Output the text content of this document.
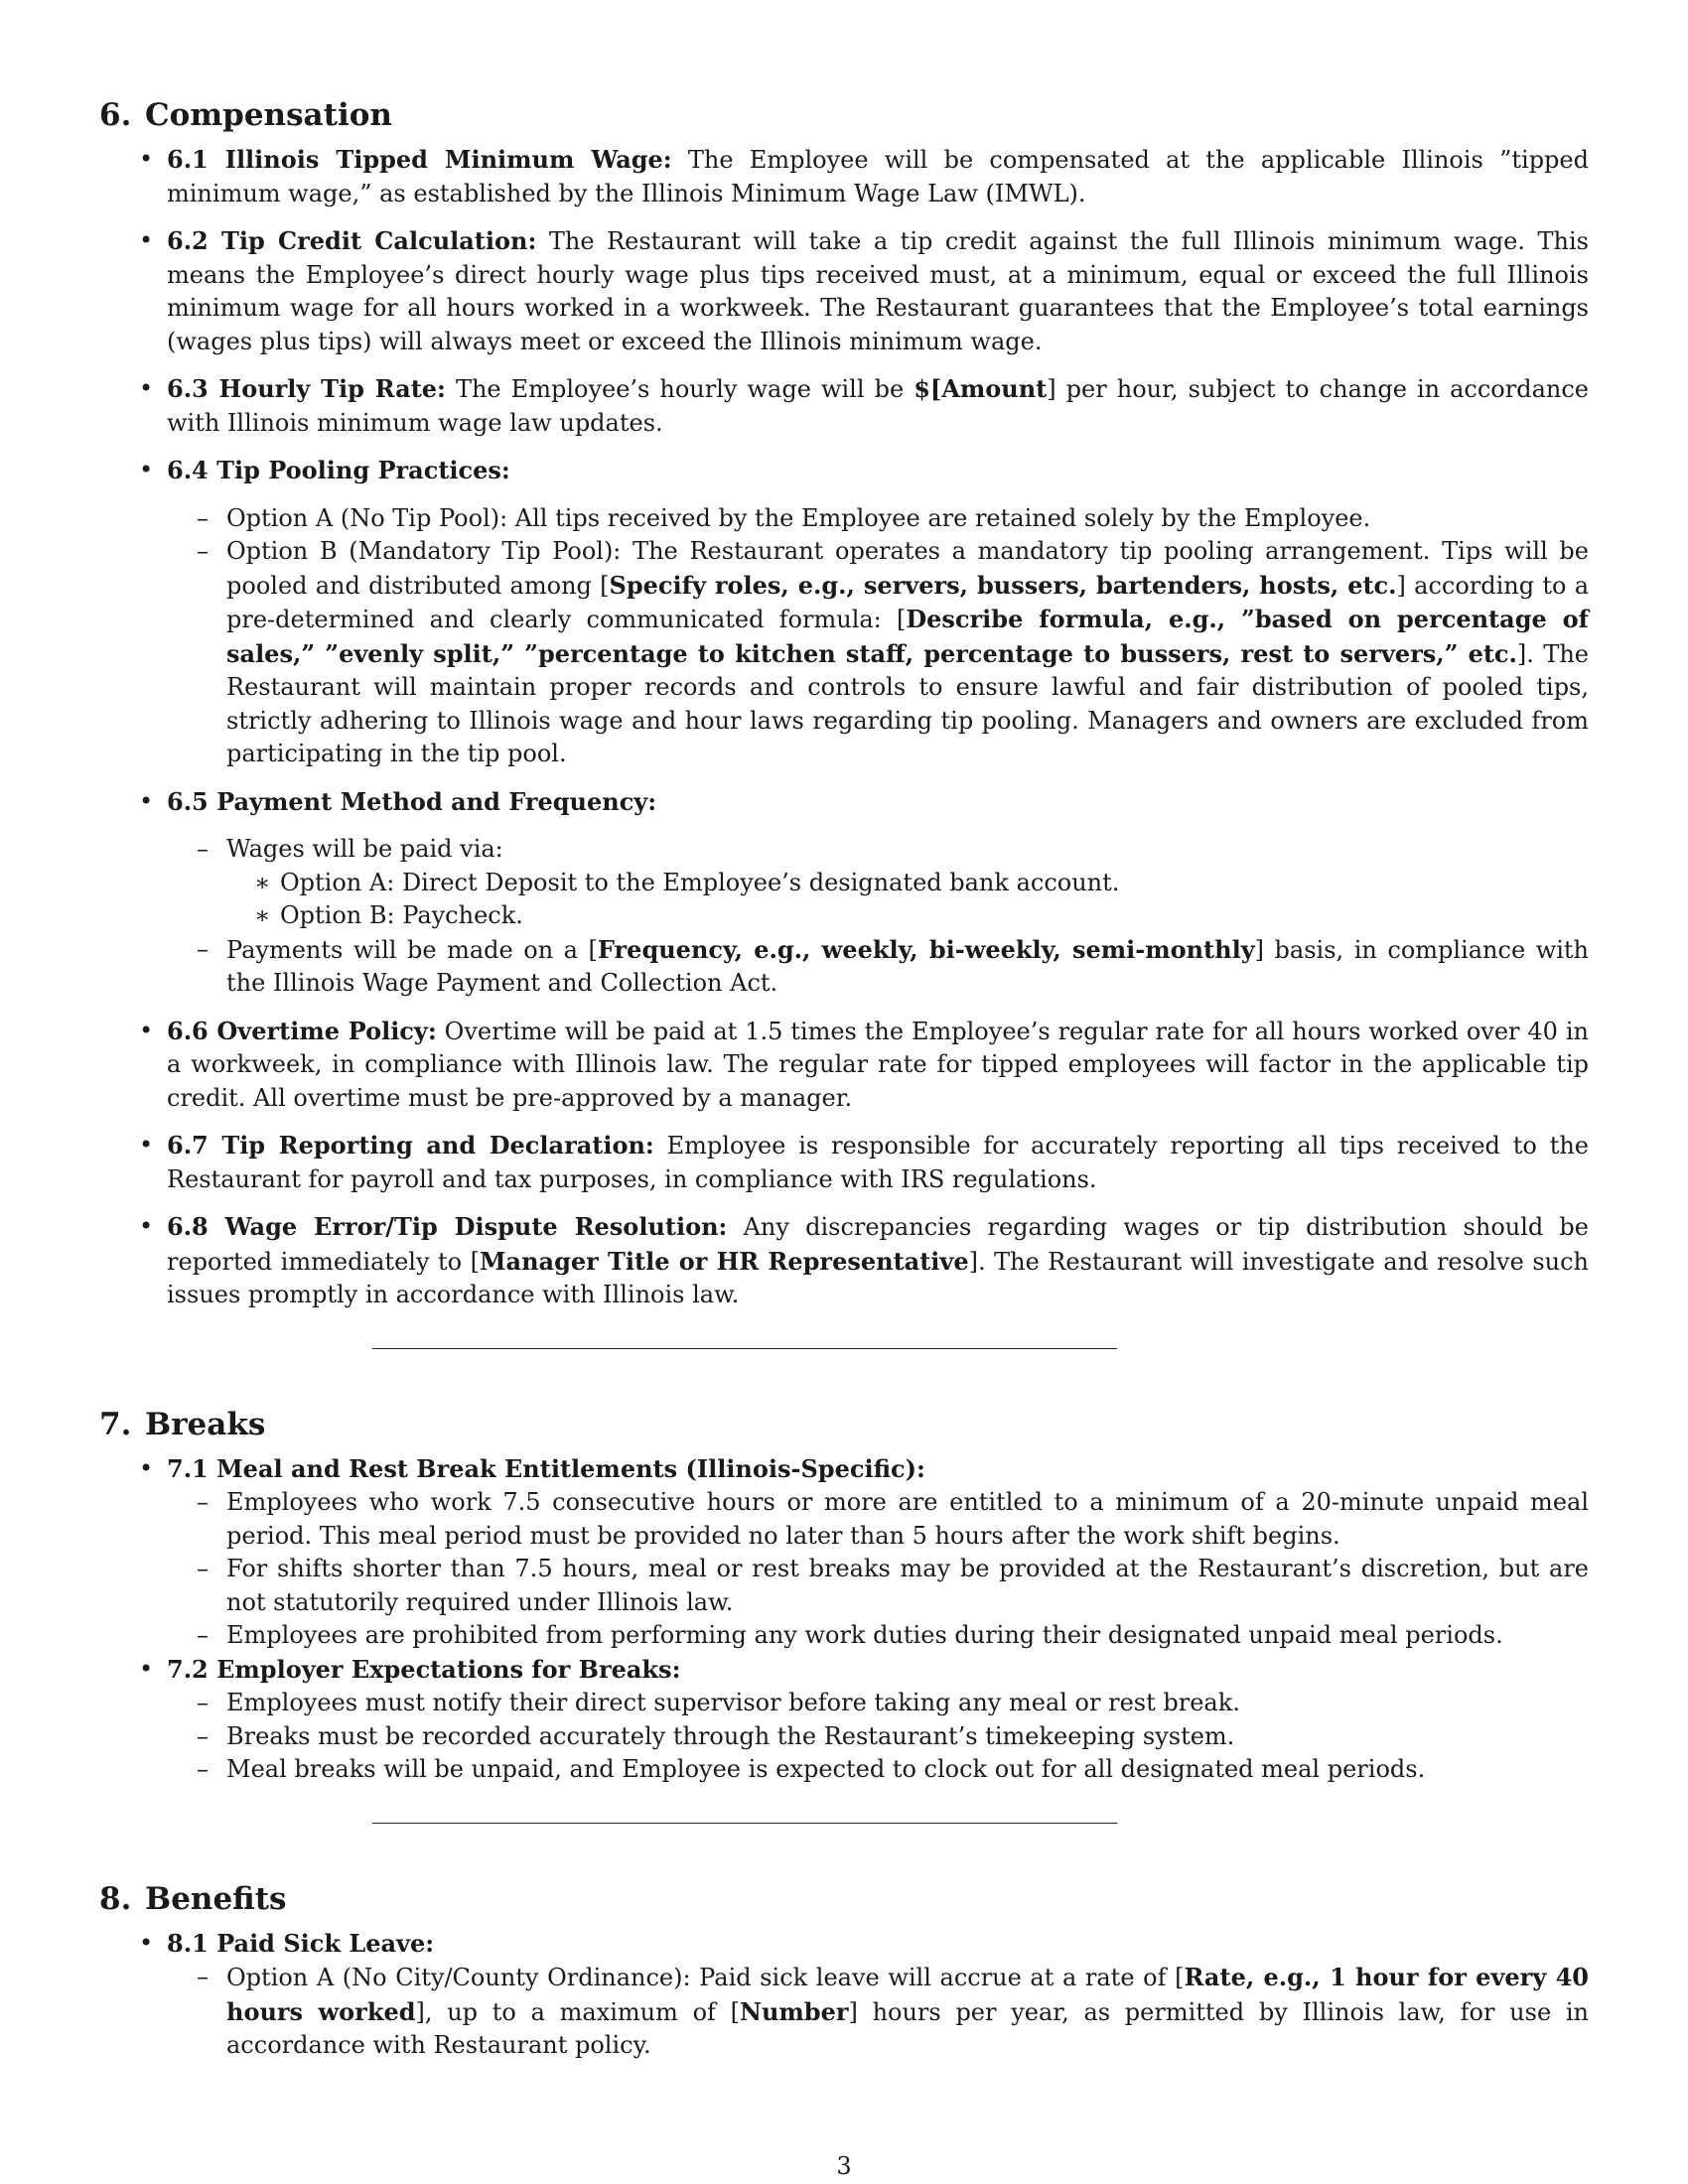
6. Compensation
• 6.1 Illinois Tipped Minimum Wage: The Employee will be compensated at the applicable Illinois ”tipped minimum wage,” as established by the Illinois Minimum Wage Law (IMWL).
• 6.2 Tip Credit Calculation: The Restaurant will take a tip credit against the full Illinois minimum wage. This means the Employee’s direct hourly wage plus tips received must, at a minimum, equal or exceed the full Illinois minimum wage for all hours worked in a workweek. The Restaurant guarantees that the Employee’s total earnings (wages plus tips) will always meet or exceed the Illinois minimum wage.
• 6.3 Hourly Tip Rate: The Employee’s hourly wage will be $[Amount] per hour, subject to change in accordance with Illinois minimum wage law updates.
• 6.4 Tip Pooling Practices:
– Option A (No Tip Pool): All tips received by the Employee are retained solely by the Employee.
– Option B (Mandatory Tip Pool): The Restaurant operates a mandatory tip pooling arrangement. Tips will be pooled and distributed among [Specify roles, e.g., servers, bussers, bartenders, hosts, etc.] according to a pre-determined and clearly communicated formula: [Describe formula, e.g., ”based on percentage of sales,” ”evenly split,” ”percentage to kitchen staff, percentage to bussers, rest to servers,” etc.]. The Restaurant will maintain proper records and controls to ensure lawful and fair distribution of pooled tips, strictly adhering to Illinois wage and hour laws regarding tip pooling. Managers and owners are excluded from participating in the tip pool.
• 6.5 Payment Method and Frequency:
– Wages will be paid via:
∗ Option A: Direct Deposit to the Employee’s designated bank account.
∗ Option B: Paycheck.
– Payments will be made on a [Frequency, e.g., weekly, bi-weekly, semi-monthly] basis, in compliance with the Illinois Wage Payment and Collection Act.
• 6.6 Overtime Policy: Overtime will be paid at 1.5 times the Employee’s regular rate for all hours worked over 40 in a workweek, in compliance with Illinois law. The regular rate for tipped employees will factor in the applicable tip credit. All overtime must be pre-approved by a manager.
• 6.7 Tip Reporting and Declaration: Employee is responsible for accurately reporting all tips received to the Restaurant for payroll and tax purposes, in compliance with IRS regulations.
• 6.8 Wage Error/Tip Dispute Resolution: Any discrepancies regarding wages or tip distribution should be reported immediately to [Manager Title or HR Representative]. The Restaurant will investigate and resolve such issues promptly in accordance with Illinois law.
7. Breaks
• 7.1 Meal and Rest Break Entitlements (Illinois-Specific):
– Employees who work 7.5 consecutive hours or more are entitled to a minimum of a 20-minute unpaid meal period. This meal period must be provided no later than 5 hours after the work shift begins.
– For shifts shorter than 7.5 hours, meal or rest breaks may be provided at the Restaurant’s discretion, but are not statutorily required under Illinois law.
– Employees are prohibited from performing any work duties during their designated unpaid meal periods.
• 7.2 Employer Expectations for Breaks:
– Employees must notify their direct supervisor before taking any meal or rest break.
– Breaks must be recorded accurately through the Restaurant’s timekeeping system.
– Meal breaks will be unpaid, and Employee is expected to clock out for all designated meal periods.
8. Benefits
• 8.1 Paid Sick Leave:
– Option A (No City/County Ordinance): Paid sick leave will accrue at a rate of [Rate, e.g., 1 hour for every 40 hours worked], up to a maximum of [Number] hours per year, as permitted by Illinois law, for use in accordance with Restaurant policy.
3
